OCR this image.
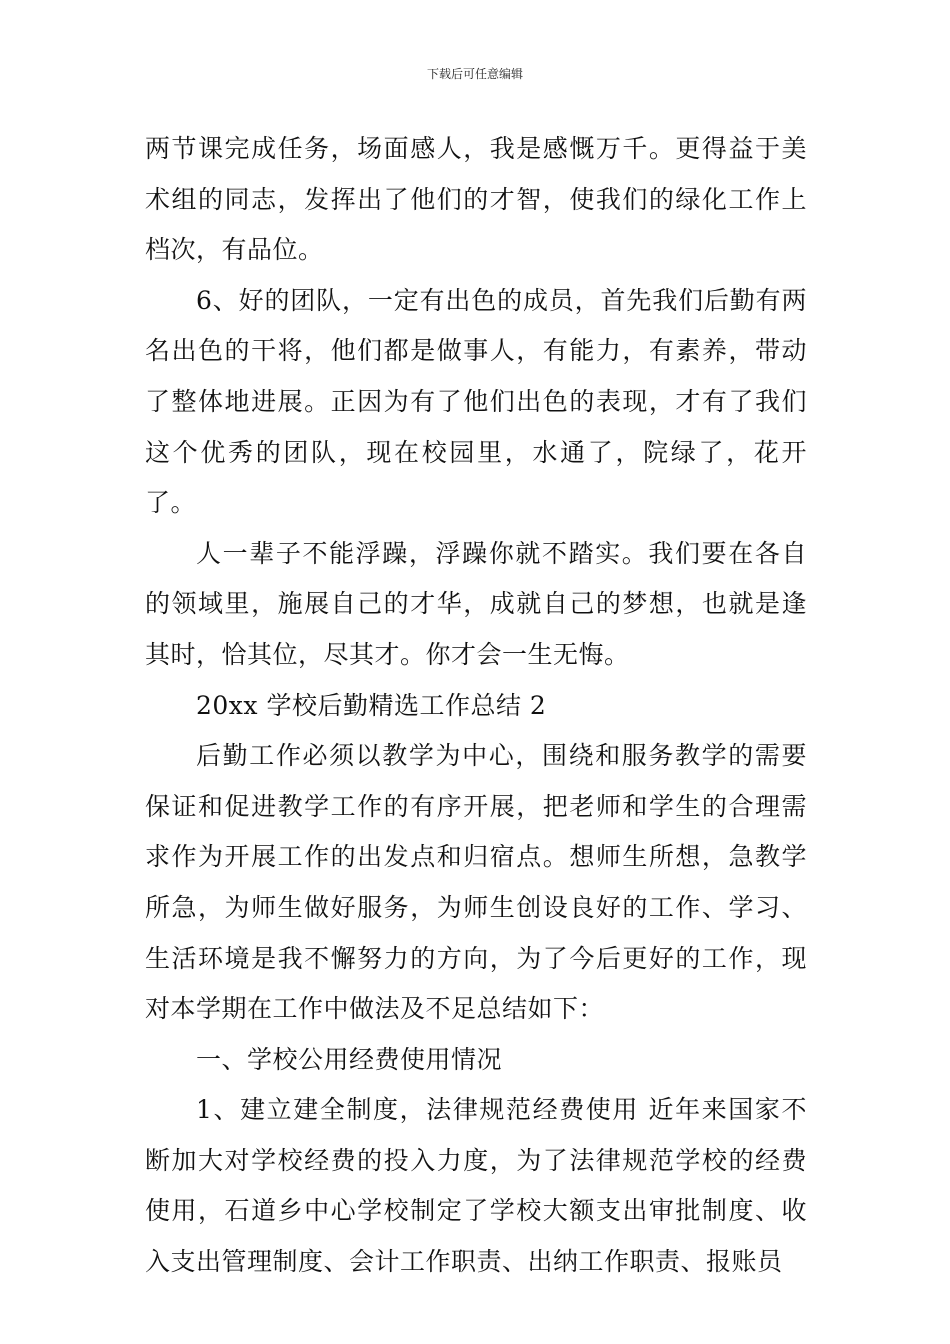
下载后可任意编辑

两节课完成任务，场面感人，我是感慨万千。更得益于美术组的同志，发挥出了他们的才智，使我们的绿化工作上档次，有品位。

6、好的团队，一定有出色的成员，首先我们后勤有两名出色的干将，他们都是做事人，有能力，有素养，带动了整体地进展。正因为有了他们出色的表现，才有了我们这个优秀的团队，现在校园里，水通了，院绿了，花开了。

人一辈子不能浮躁，浮躁你就不踏实。我们要在各自的领域里，施展自己的才华，成就自己的梦想，也就是逢其时，恰其位，尽其才。你才会一生无悔。

20xx 学校后勤精选工作总结 2

后勤工作必须以教学为中心，围绕和服务教学的需要保证和促进教学工作的有序开展，把老师和学生的合理需求作为开展工作的出发点和归宿点。想师生所想，急教学所急，为师生做好服务，为师生创设良好的工作、学习、生活环境是我不懈努力的方向，为了今后更好的工作，现对本学期在工作中做法及不足总结如下：

一、学校公用经费使用情况

1、建立建全制度，法律规范经费使用 近年来国家不断加大对学校经费的投入力度，为了法律规范学校的经费使用，石道乡中心学校制定了学校大额支出审批制度、收入支出管理制度、会计工作职责、出纳工作职责、报账员
